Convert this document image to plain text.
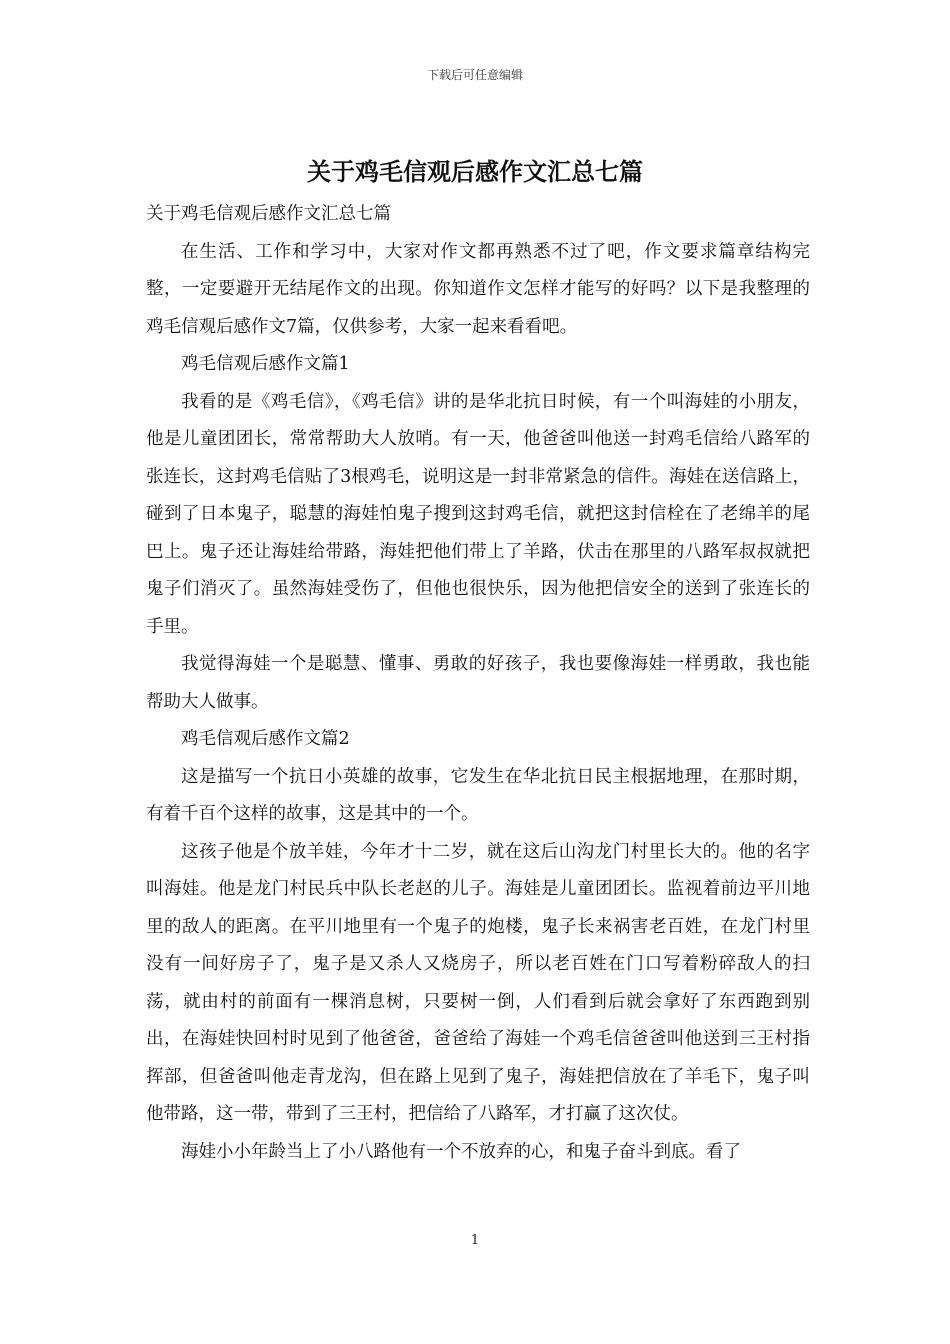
下载后可任意编辑
关于鸡毛信观后感作文汇总七篇

关于鸡毛信观后感作文汇总七篇

在生活、工作和学习中，大家对作文都再熟悉不过了吧，作文要求篇章结构完整，一定要避开无结尾作文的出现。你知道作文怎样才能写的好吗？以下是我整理的鸡毛信观后感作文7篇，仅供参考，大家一起来看看吧。

鸡毛信观后感作文篇1

我看的是《鸡毛信》，《鸡毛信》讲的是华北抗日时候，有一个叫海娃的小朋友，他是儿童团团长，常常帮助大人放哨。有一天，他爸爸叫他送一封鸡毛信给八路军的张连长，这封鸡毛信贴了3根鸡毛，说明这是一封非常紧急的信件。海娃在送信路上，碰到了日本鬼子，聪慧的海娃怕鬼子搜到这封鸡毛信，就把这封信栓在了老绵羊的尾巴上。鬼子还让海娃给带路，海娃把他们带上了羊路，伏击在那里的八路军叔叔就把鬼子们消灭了。虽然海娃受伤了，但他也很快乐，因为他把信安全的送到了张连长的手里。

我觉得海娃一个是聪慧、懂事、勇敢的好孩子，我也要像海娃一样勇敢，我也能帮助大人做事。

鸡毛信观后感作文篇2

这是描写一个抗日小英雄的故事，它发生在华北抗日民主根据地理，在那时期，有着千百个这样的故事，这是其中的一个。

这孩子他是个放羊娃，今年才十二岁，就在这后山沟龙门村里长大的。他的名字叫海娃。他是龙门村民兵中队长老赵的儿子。海娃是儿童团团长。监视着前边平川地里的敌人的距离。在平川地里有一个鬼子的炮楼，鬼子长来祸害老百姓，在龙门村里没有一间好房子了，鬼子是又杀人又烧房子，所以老百姓在门口写着粉碎敌人的扫荡，就由村的前面有一棵消息树，只要树一倒，人们看到后就会拿好了东西跑到别出，在海娃快回村时见到了他爸爸，爸爸给了海娃一个鸡毛信爸爸叫他送到三王村指挥部，但爸爸叫他走青龙沟，但在路上见到了鬼子，海娃把信放在了羊毛下，鬼子叫他带路，这一带，带到了三王村，把信给了八路军，才打赢了这次仗。

海娃小小年龄当上了小八路他有一个不放弃的心，和鬼子奋斗到底。看了

1
